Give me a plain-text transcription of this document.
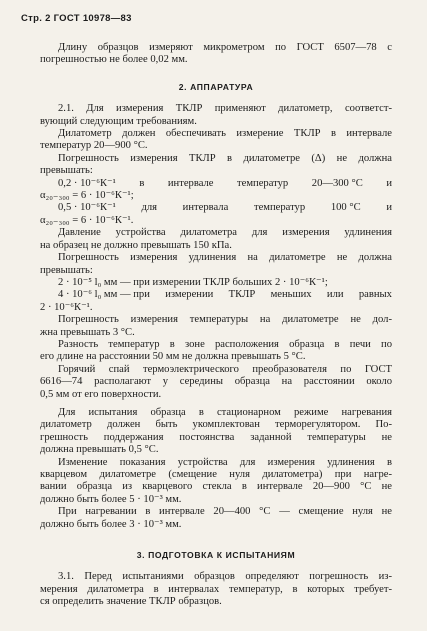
Стр. 2 ГОСТ 10978—83

Длину образцов измеряют микрометром по ГОСТ 6507—78 с

погрешностью не более 0,02 мм.

2. АППАРАТУРА

2.1. Для измерения ТКЛР применяют дилатометр, соответст-

вующий следующим требованиям.

Дилатометр должен обеспечивать измерение ТКЛР в интервале

температур 20—900 °С.

Погрешность измерения ТКЛР в дилатометре (Δ) не должна

превышать:

0,2 · 10⁻⁶К⁻¹ в интервале температур 20—300 °С и

α₂₀₋₃₀₀ = 6 · 10⁻⁶К⁻¹;

0,5 · 10⁻⁶К⁻¹ для интервала температур 100 °С и

α₂₀₋₃₀₀ = 6 · 10⁻⁶К⁻¹.

Давление устройства дилатометра для измерения удлинения

на образец не должно превышать 150 кПа.

Погрешность измерения удлинения на дилатометре не должна

превышать:

2 · 10⁻⁵ l₀ мм — при измерении ТКЛР больших 2 · 10⁻⁶К⁻¹;

4 · 10⁻⁶ l₀ мм — при измерении ТКЛР меньших или равных

2 · 10⁻⁶К⁻¹.

Погрешность измерения температуры на дилатометре не дол-

жна превышать 3 °С.

Разность температур в зоне расположения образца в печи по

его длине на расстоянии 50 мм не должна превышать 5 °С.

Горячий спай термоэлектрического преобразователя по ГОСТ

6616—74 располагают у середины образца на расстоянии около

0,5 мм от его поверхности.

Для испытания образца в стационарном режиме нагревания

дилатометр должен быть укомплектован терморегулятором. По-

грешность поддержания постоянства заданной температуры не

должна превышать 0,5 °С.

Изменение показания устройства для измерения удлинения в

кварцевом дилатометре (смещение нуля дилатометра) при нагре-

вании образца из кварцевого стекла в интервале 20—900 °С не

должно быть более 5 · 10⁻³ мм.

При нагревании в интервале 20—400 °С — смещение нуля не

должно быть более 3 · 10⁻³ мм.

3. ПОДГОТОВКА К ИСПЫТАНИЯМ

3.1. Перед испытаниями образцов определяют погрешность из-

мерения дилатометра в интервалах температур, в которых требует-

ся определить значение ТКЛР образцов.
